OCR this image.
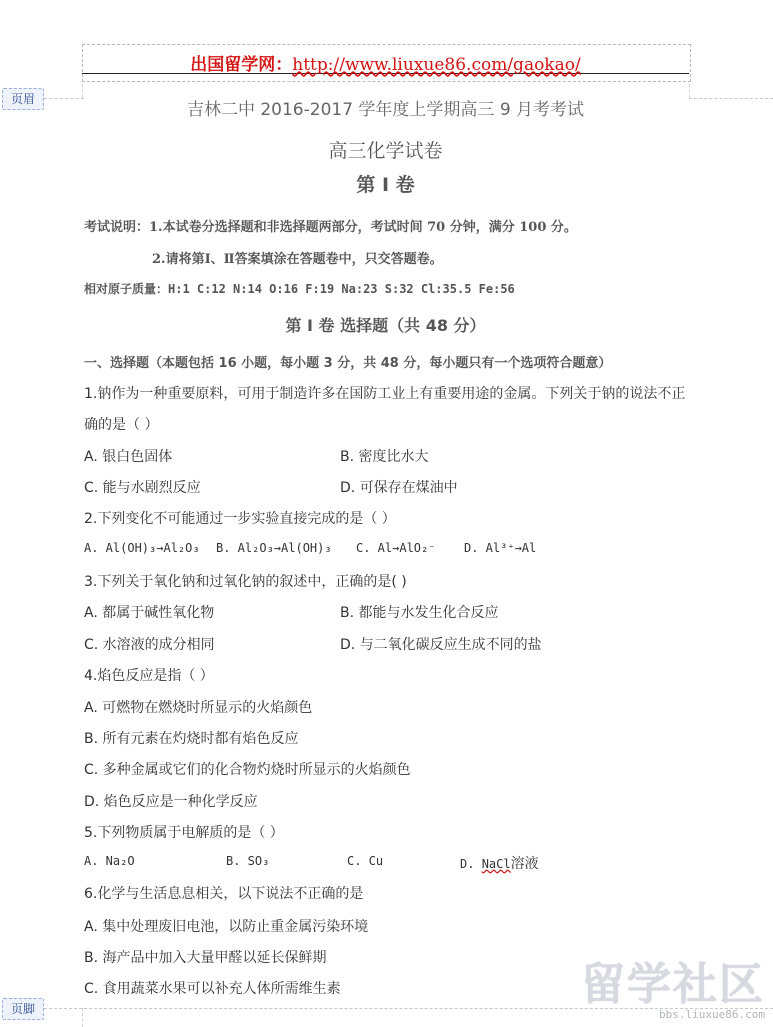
页眉
页脚
出国留学网：http://www.liuxue86.com/gaokao/
吉林二中 2016-2017 学年度上学期高三 9 月考考试
高三化学试卷
第 I 卷
考试说明：1.本试卷分选择题和非选择题两部分，考试时间 70 分钟，满分 100 分。
2.请将第Ⅰ、Ⅱ答案填涂在答题卷中，只交答题卷。
相对原子质量：H:1 C:12 N:14 O:16 F:19 Na:23 S:32 Cl:35.5 Fe:56
第 I 卷 选择题（共 48 分）
一、选择题（本题包括 16 小题，每小题 3 分，共 48 分，每小题只有一个选项符合题意）
1.钠作为一种重要原料，可用于制造许多在国防工业上有重要用途的金属。下列关于钠的说法不正
确的是（ ）
A. 银白色固体	B. 密度比水大
C. 能与水剧烈反应	D. 可保存在煤油中
2.下列变化不可能通过一步实验直接完成的是（ ）
A. Al(OH)₃→Al₂O₃ B. Al₂O₃→Al(OH)₃ C. Al→AlO₂⁻ D. Al³⁺→Al
3.下列关于氧化钠和过氧化钠的叙述中，正确的是( )
A. 都属于碱性氧化物	B. 都能与水发生化合反应
C. 水溶液的成分相同	D. 与二氧化碳反应生成不同的盐
4.焰色反应是指（ ）
A. 可燃物在燃烧时所显示的火焰颜色
B. 所有元素在灼烧时都有焰色反应
C. 多种金属或它们的化合物灼烧时所显示的火焰颜色
D. 焰色反应是一种化学反应
5.下列物质属于电解质的是（ ）
A. Na₂O	B. SO₃	C. Cu	D. NaCl溶液
6.化学与生活息息相关，以下说法不正确的是
A. 集中处理废旧电池，以防止重金属污染环境
B. 海产品中加入大量甲醛以延长保鲜期
C. 食用蔬菜水果可以补充人体所需维生素	留学社区
bbs.liuxue86.com
